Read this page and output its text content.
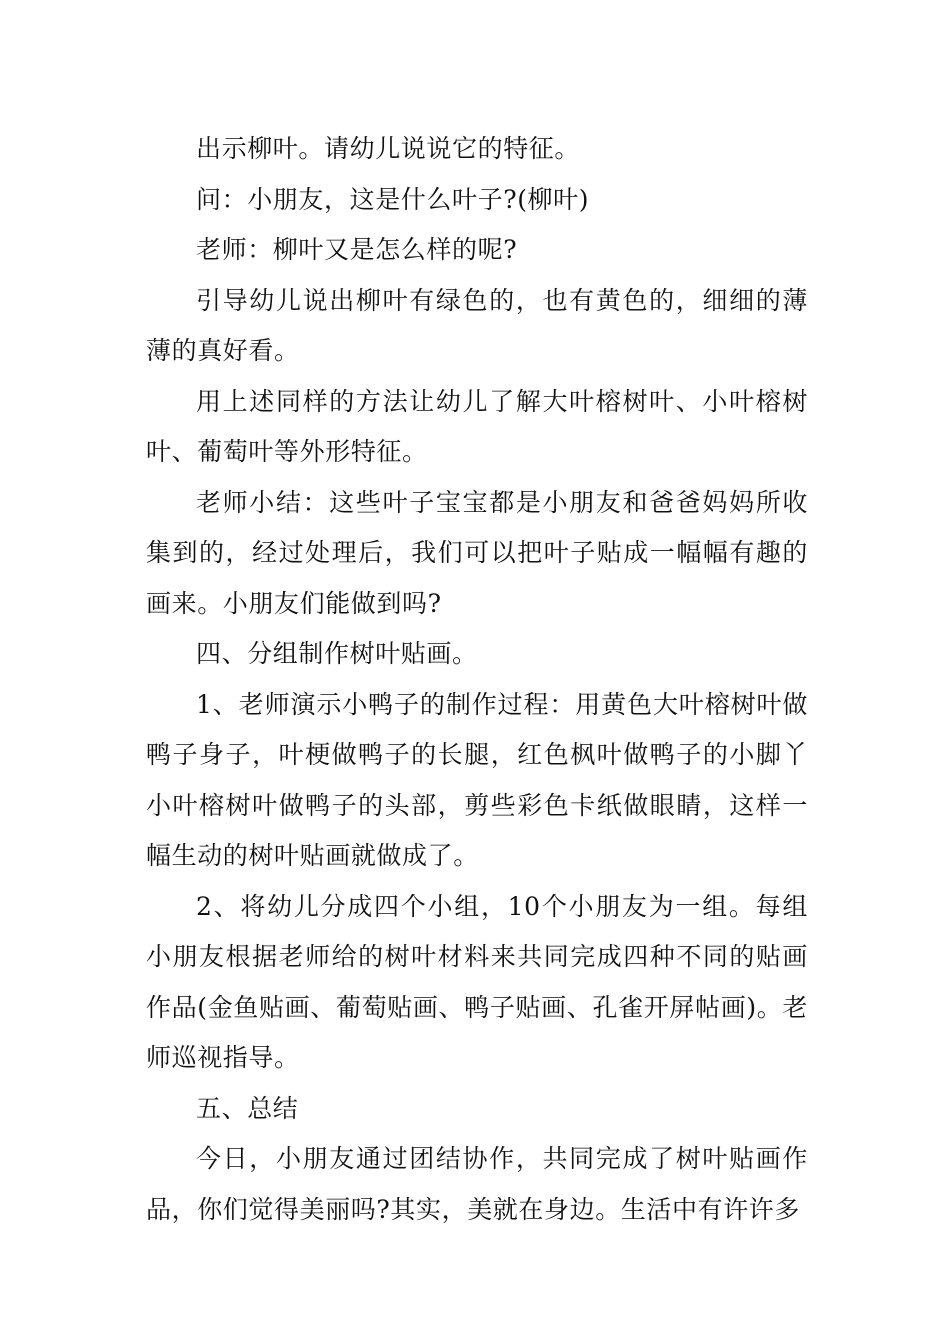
出示柳叶。请幼儿说说它的特征。

问：小朋友，这是什么叶子?(柳叶)

老师：柳叶又是怎么样的呢?

引导幼儿说出柳叶有绿色的，也有黄色的，细细的薄薄的真好看。

用上述同样的方法让幼儿了解大叶榕树叶、小叶榕树叶、葡萄叶等外形特征。

老师小结：这些叶子宝宝都是小朋友和爸爸妈妈所收集到的，经过处理后，我们可以把叶子贴成一幅幅有趣的画来。小朋友们能做到吗?

四、分组制作树叶贴画。

1、老师演示小鸭子的制作过程：用黄色大叶榕树叶做鸭子身子，叶梗做鸭子的长腿，红色枫叶做鸭子的小脚丫小叶榕树叶做鸭子的头部，剪些彩色卡纸做眼睛，这样一幅生动的树叶贴画就做成了。

2、将幼儿分成四个小组，10个小朋友为一组。每组小朋友根据老师给的树叶材料来共同完成四种不同的贴画作品(金鱼贴画、葡萄贴画、鸭子贴画、孔雀开屏帖画)。老师巡视指导。

五、总结

今日，小朋友通过团结协作，共同完成了树叶贴画作品，你们觉得美丽吗?其实，美就在身边。生活中有许许多
